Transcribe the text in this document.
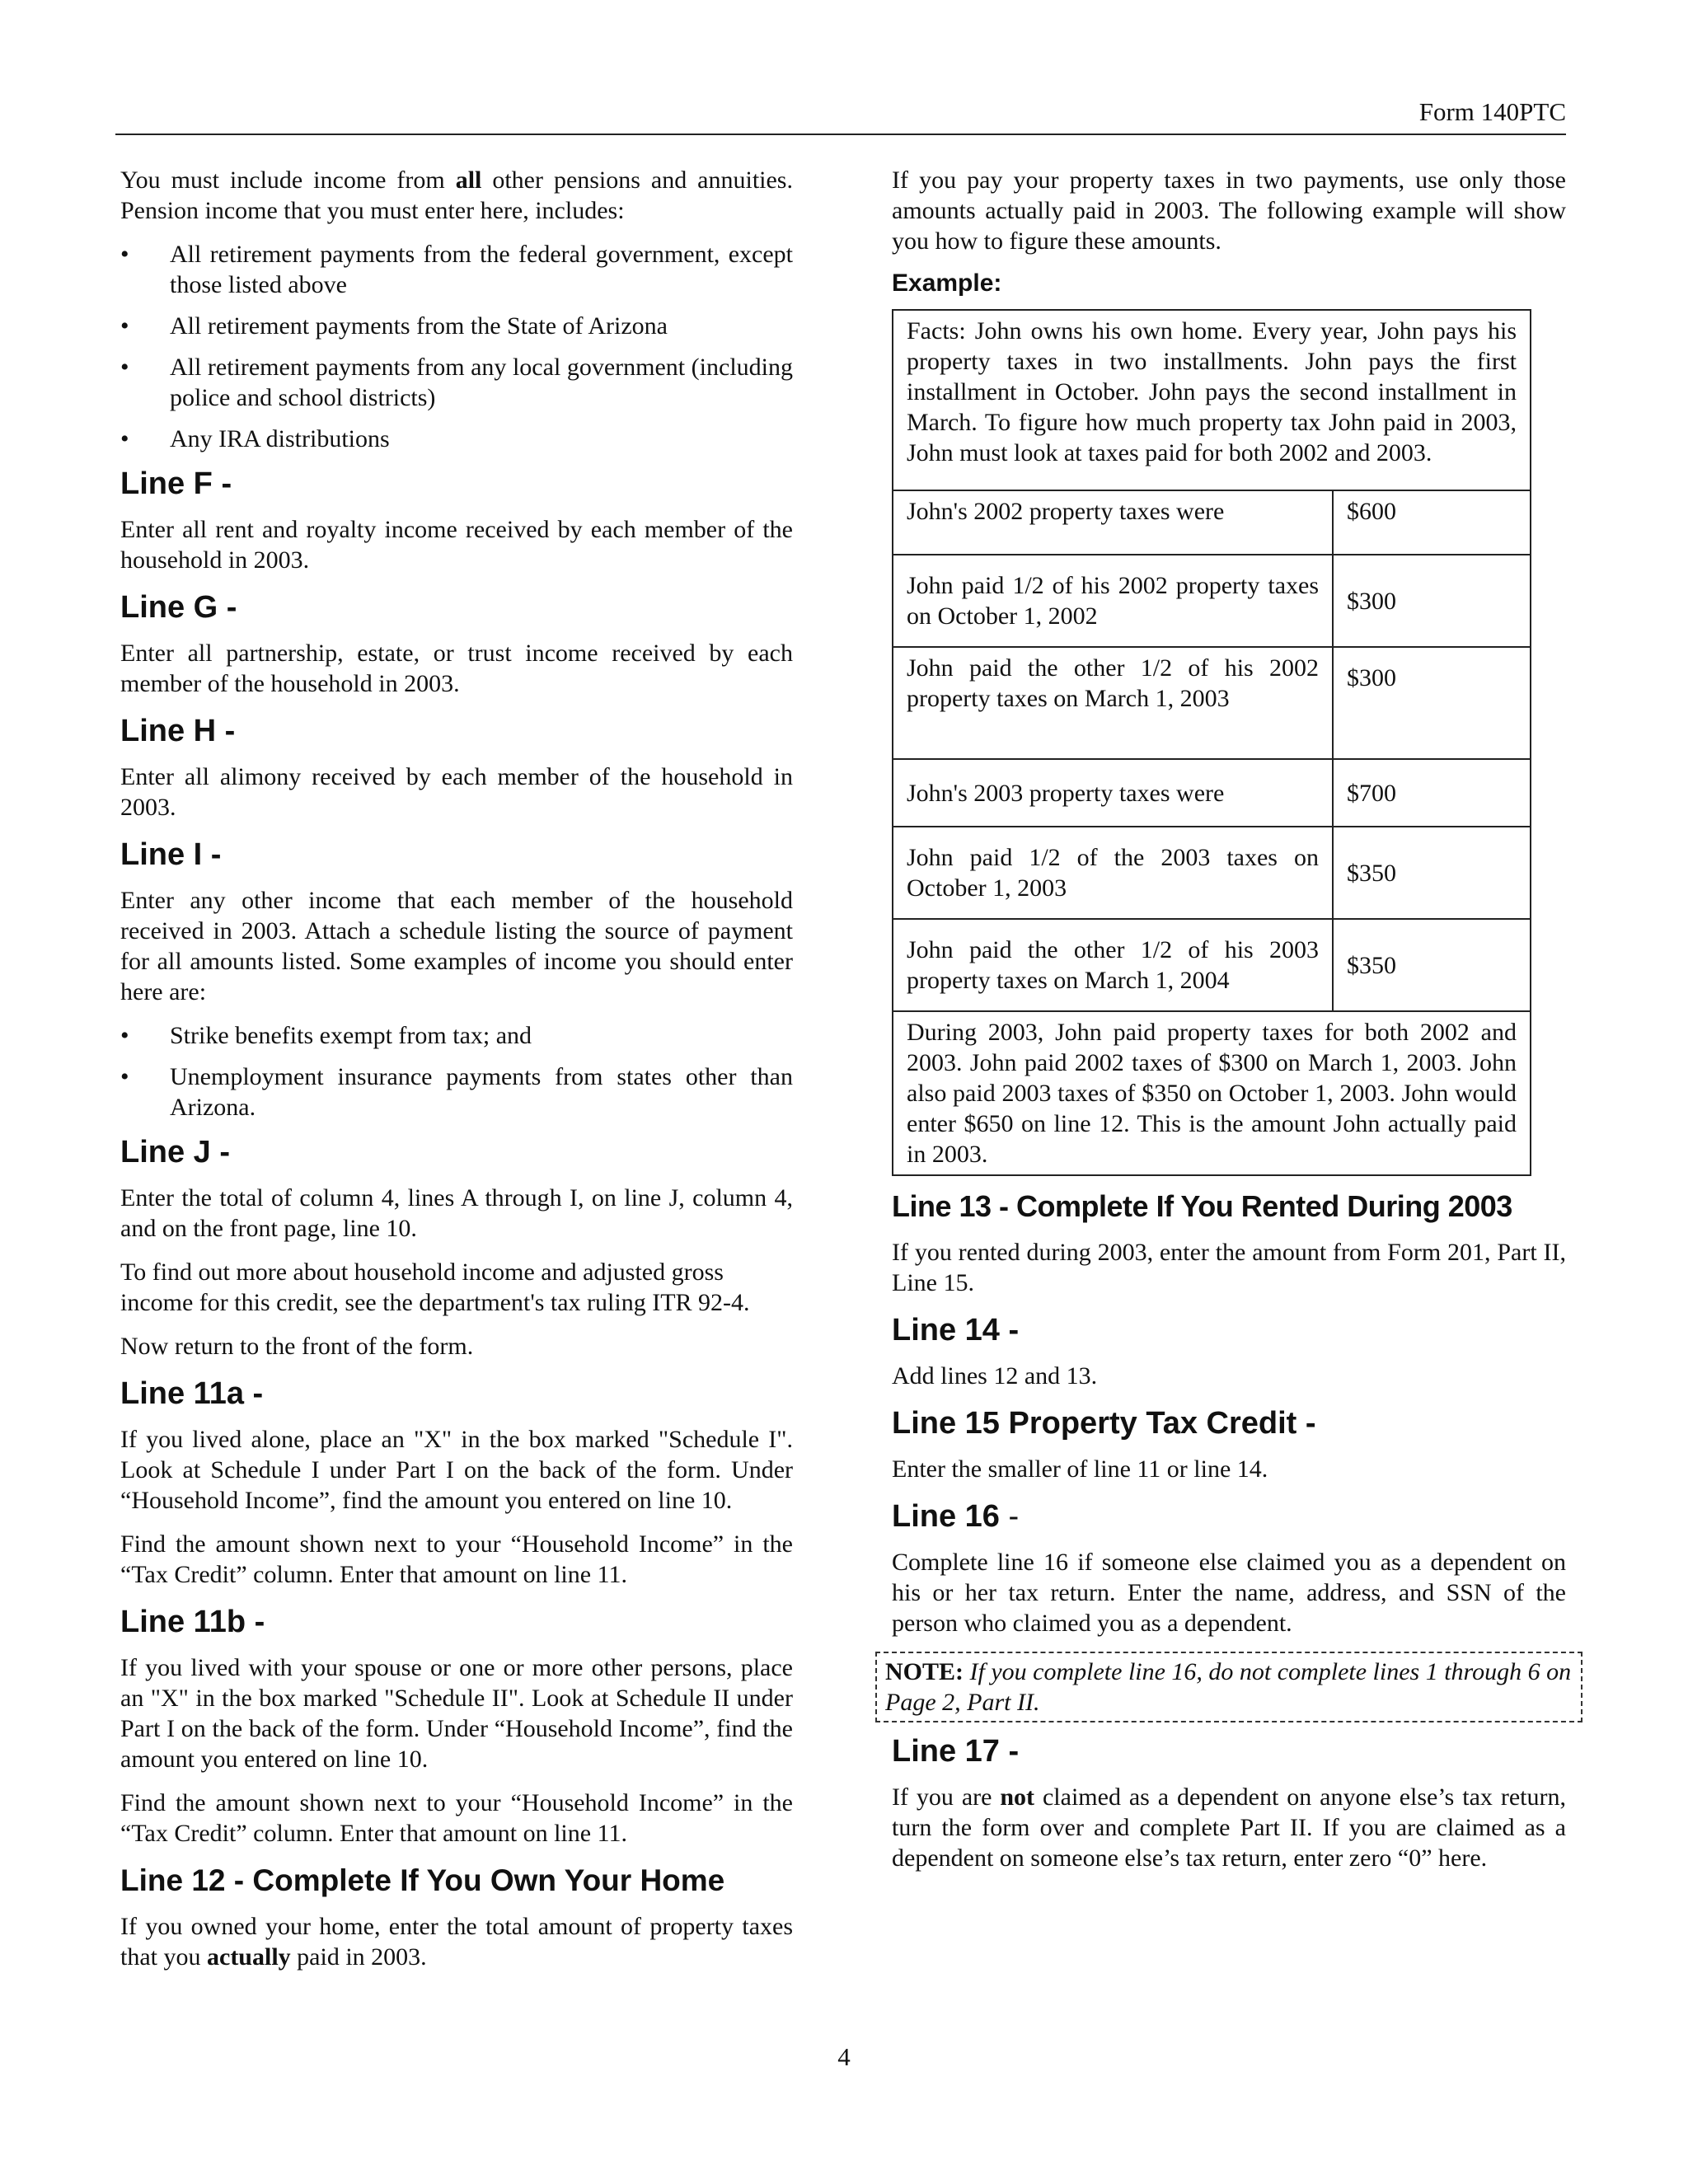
Form 140PTC

You must include income from all other pensions and annuities. Pension income that you must enter here, includes:

• All retirement payments from the federal government, except those listed above
• All retirement payments from the State of Arizona
• All retirement payments from any local government (including police and school districts)
• Any IRA distributions
Line F -

Enter all rent and royalty income received by each member of the household in 2003.

Line G -

Enter all partnership, estate, or trust income received by each member of the household in 2003.

Line H -

Enter all alimony received by each member of the household in 2003.

Line I -

Enter any other income that each member of the household received in 2003. Attach a schedule listing the source of payment for all amounts listed. Some examples of income you should enter here are:

• Strike benefits exempt from tax; and
• Unemployment insurance payments from states other than Arizona.
Line J -

Enter the total of column 4, lines A through I, on line J, column 4, and on the front page, line 10.

To find out more about household income and adjusted gross income for this credit, see the department's tax ruling ITR 92-4.

Now return to the front of the form.

Line 11a -

If you lived alone, place an "X" in the box marked "Schedule I". Look at Schedule I under Part I on the back of the form. Under “Household Income”, find the amount you entered on line 10.

Find the amount shown next to your “Household Income” in the “Tax Credit” column. Enter that amount on line 11.

Line 11b -

If you lived with your spouse or one or more other persons, place an "X" in the box marked "Schedule II". Look at Schedule II under Part I on the back of the form. Under “Household Income”, find the amount you entered on line 10.

Find the amount shown next to your “Household Income” in the “Tax Credit” column. Enter that amount on line 11.

Line 12 - Complete If You Own Your Home

If you owned your home, enter the total amount of property taxes that you actually paid in 2003.

If you pay your property taxes in two payments, use only those amounts actually paid in 2003. The following example will show you how to figure these amounts.

Example:
Facts: John owns his own home. Every year, John pays his property taxes in two installments. John pays the first installment in October. John pays the second installment in March. To figure how much property tax John paid in 2003, John must look at taxes paid for both 2002 and 2003.	
John's 2002 property taxes were	$600
John paid 1/2 of his 2002 property taxes on October 1, 2002	$300
John paid the other 1/2 of his 2002 property taxes on March 1, 2003	$300
John's 2003 property taxes were	$700
John paid 1/2 of the 2003 taxes on October 1, 2003	$350
John paid the other 1/2 of his 2003 property taxes on March 1, 2004	$350
During 2003, John paid property taxes for both 2002 and 2003. John paid 2002 taxes of $300 on March 1, 2003. John also paid 2003 taxes of $350 on October 1, 2003. John would enter $650 on line 12. This is the amount John actually paid in 2003.	
Line 13 - Complete If You Rented During 2003

If you rented during 2003, enter the amount from Form 201, Part II, Line 15.

Line 14 -

Add lines 12 and 13.

Line 15 Property Tax Credit -

Enter the smaller of line 11 or line 14.

Line 16 -

Complete line 16 if someone else claimed you as a dependent on his or her tax return. Enter the name, address, and SSN of the person who claimed you as a dependent.

NOTE: If you complete line 16, do not complete lines 1 through 6 on Page 2, Part II.
Line 17 -

If you are not claimed as a dependent on anyone else’s tax return, turn the form over and complete Part II. If you are claimed as a dependent on someone else’s tax return, enter zero “0” here.

4
